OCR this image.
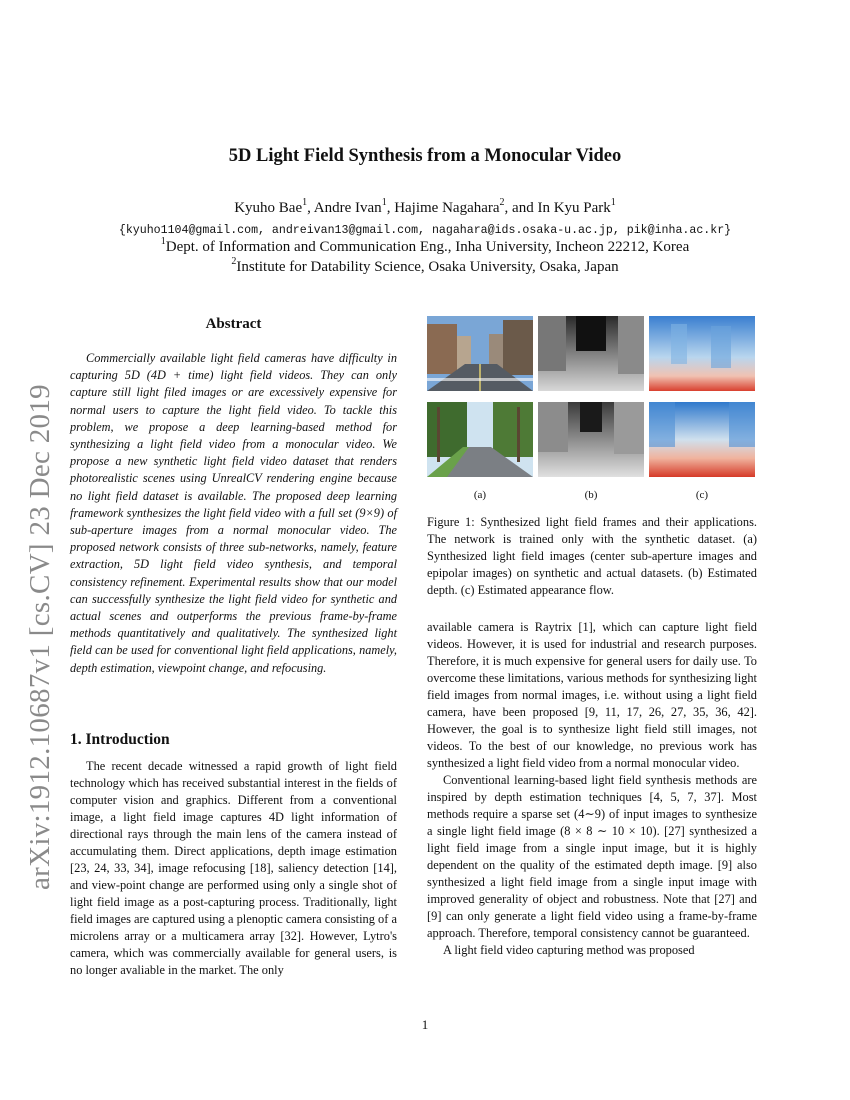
arXiv:1912.10687v1 [cs.CV] 23 Dec 2019
5D Light Field Synthesis from a Monocular Video
Kyuho Bae$^1$, Andre Ivan$^1$, Hajime Nagahara$^2$, and In Kyu Park$^1$
{kyuho1104@gmail.com, andreivan13@gmail.com, nagahara@ids.osaka-u.ac.jp, pik@inha.ac.kr}
$^1$Dept. of Information and Communication Eng., Inha University, Incheon 22212, Korea
$^2$Institute for Datability Science, Osaka University, Osaka, Japan
Abstract

Commercially available light field cameras have difficulty in capturing 5D (4D + time) light field videos. They can only capture still light filed images or are excessively expensive for normal users to capture the light field video. To tackle this problem, we propose a deep learning-based method for synthesizing a light field video from a monocular video. We propose a new synthetic light field video dataset that renders photorealistic scenes using UnrealCV rendering engine because no light field dataset is available. The proposed deep learning framework synthesizes the light field video with a full set (9×9) of sub-aperture images from a normal monocular video. The proposed network consists of three sub-networks, namely, feature extraction, 5D light field video synthesis, and temporal consistency refinement. Experimental results show that our model can successfully synthesize the light field video for synthetic and actual scenes and outperforms the previous frame-by-frame methods quantitatively and qualitatively. The synthesized light field can be used for conventional light field applications, namely, depth estimation, viewpoint change, and refocusing.

1. Introduction

The recent decade witnessed a rapid growth of light field technology which has received substantial interest in the fields of computer vision and graphics. Different from a conventional image, a light field image captures 4D light information of directional rays through the main lens of the camera instead of accumulating them. Direct applications, depth image estimation [23, 24, 33, 34], image refocusing [18], saliency detection [14], and view-point change are performed using only a single shot of light field image as a post-capturing process. Traditionally, light field images are captured using a plenoptic camera consisting of a microlens array or a multicamera array [32]. However, Lytro's camera, which was commercially available for general users, is no longer avaliable in the market. The only

(a)	(b)	(c)

Figure 1: Synthesized light field frames and their applications. The network is trained only with the synthetic dataset. (a) Synthesized light field images (center sub-aperture images and epipolar images) on synthetic and actual datasets. (b) Estimated depth. (c) Estimated appearance flow.

available camera is Raytrix [1], which can capture light field videos. However, it is used for industrial and research purposes. Therefore, it is much expensive for general users for daily use. To overcome these limitations, various methods for synthesizing light field images from normal images, i.e. without using a light field camera, have been proposed [9, 11, 17, 26, 27, 35, 36, 42]. However, the goal is to synthesize light field still images, not videos. To the best of our knowledge, no previous work has synthesized a light field video from a normal monocular video.

Conventional learning-based light field synthesis methods are inspired by depth estimation techniques [4, 5, 7, 37]. Most methods require a sparse set (4∼9) of input images to synthesize a single light field image (8 × 8 ∼ 10 × 10). [27] synthesized a light field image from a single input image, but it is highly dependent on the quality of the estimated depth image. [9] also synthesized a light field image from a single input image with improved generality of object and robustness. Note that [27] and [9] can only generate a light field video using a frame-by-frame approach. Therefore, temporal consistency cannot be guaranteed.

A light field video capturing method was proposed

1
